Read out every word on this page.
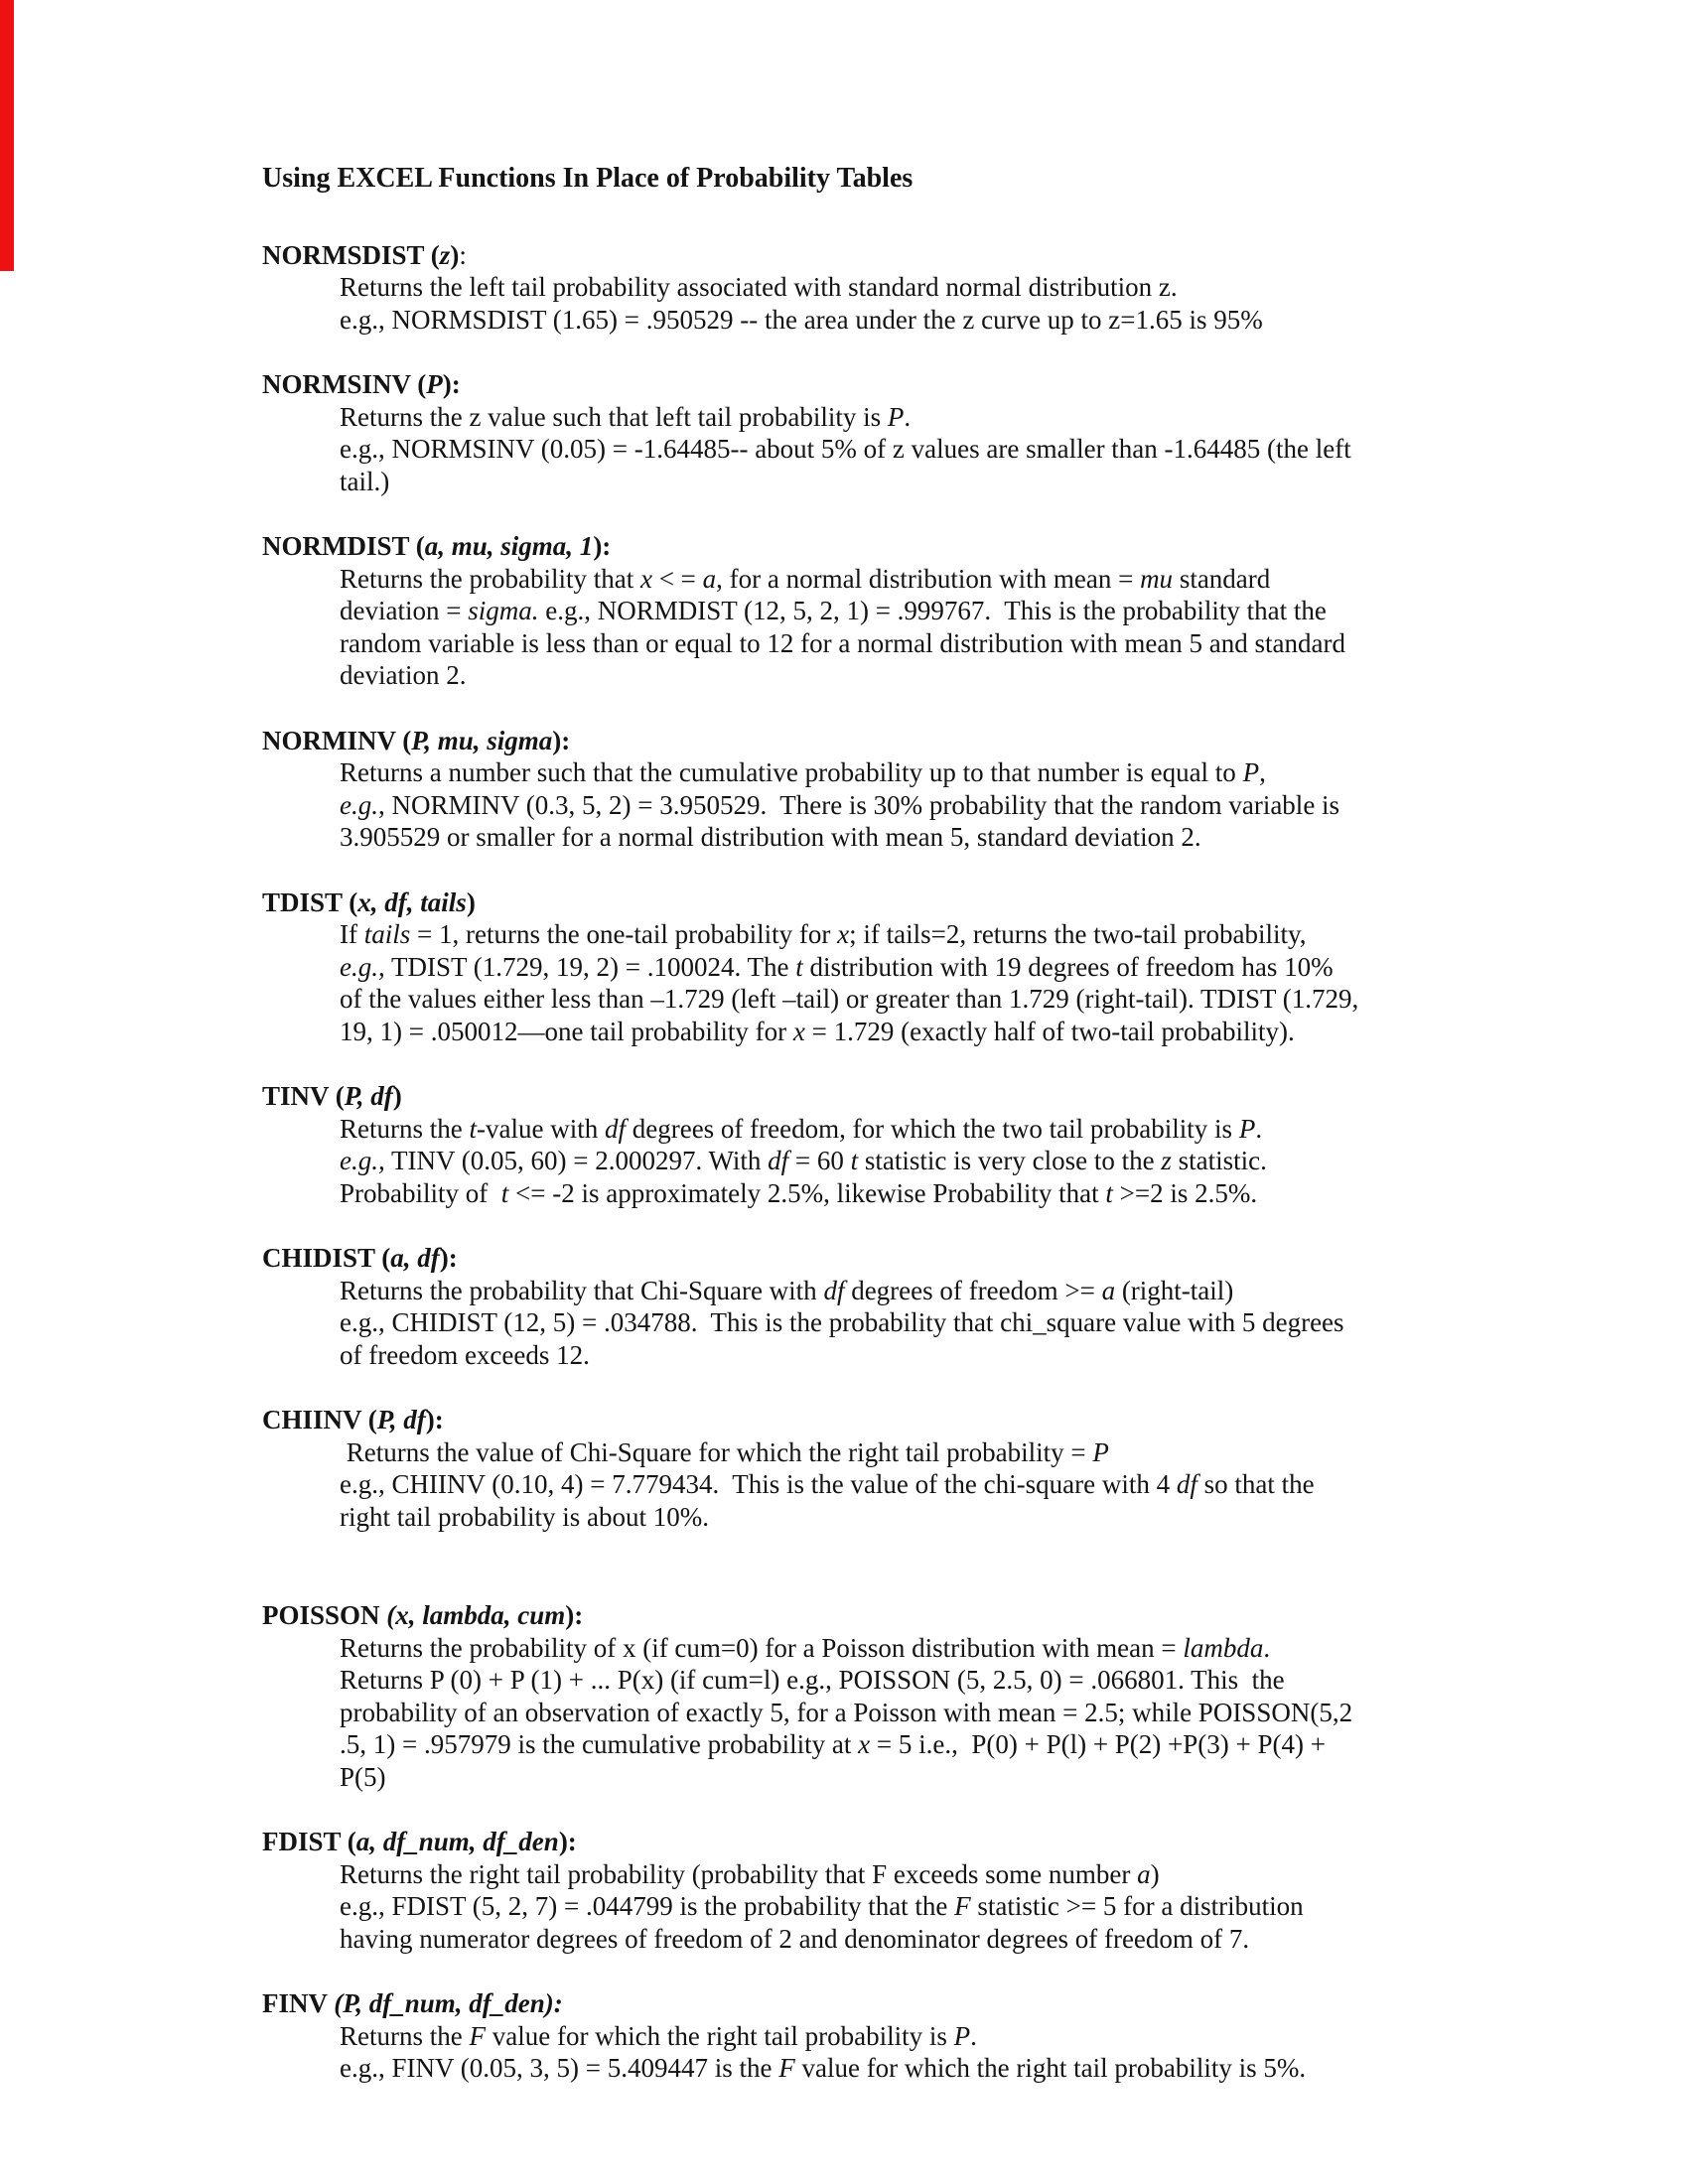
Using EXCEL Functions In Place of Probability Tables
NORMSDIST (z):
Returns the left tail probability associated with standard normal distribution z.
e.g., NORMSDIST (1.65) = .950529 -- the area under the z curve up to z=1.65 is 95%
NORMSINV (P):
Returns the z value such that left tail probability is P.
e.g., NORMSINV (0.05) = -1.64485-- about 5% of z values are smaller than -1.64485 (the left
tail.)
NORMDIST (a, mu, sigma, 1):
Returns the probability that x < = a, for a normal distribution with mean = mu standard
deviation = sigma. e.g., NORMDIST (12, 5, 2, 1) = .999767.  This is the probability that the
random variable is less than or equal to 12 for a normal distribution with mean 5 and standard
deviation 2.
NORMINV (P, mu, sigma):
Returns a number such that the cumulative probability up to that number is equal to P,
e.g., NORMINV (0.3, 5, 2) = 3.950529.  There is 30% probability that the random variable is
3.905529 or smaller for a normal distribution with mean 5, standard deviation 2.
TDIST (x, df, tails)
If tails = 1, returns the one-tail probability for x; if tails=2, returns the two-tail probability,
e.g., TDIST (1.729, 19, 2) = .100024. The t distribution with 19 degrees of freedom has 10%
of the values either less than –1.729 (left –tail) or greater than 1.729 (right-tail). TDIST (1.729,
19, 1) = .050012—one tail probability for x = 1.729 (exactly half of two-tail probability).
TINV (P, df)
Returns the t-value with df degrees of freedom, for which the two tail probability is P.
e.g., TINV (0.05, 60) = 2.000297. With df = 60 t statistic is very close to the z statistic.
Probability of  t <= -2 is approximately 2.5%, likewise Probability that t >=2 is 2.5%.
CHIDIST (a, df):
Returns the probability that Chi-Square with df degrees of freedom >= a (right-tail)
e.g., CHIDIST (12, 5) = .034788.  This is the probability that chi_square value with 5 degrees
of freedom exceeds 12.
CHIINV (P, df):
Returns the value of Chi-Square for which the right tail probability = P
e.g., CHIINV (0.10, 4) = 7.779434.  This is the value of the chi-square with 4 df so that the
right tail probability is about 10%.
POISSON (x, lambda, cum):
Returns the probability of x (if cum=0) for a Poisson distribution with mean = lambda.
Returns P (0) + P (1) + ... P(x) (if cum=l) e.g., POISSON (5, 2.5, 0) = .066801. This  the
probability of an observation of exactly 5, for a Poisson with mean = 2.5; while POISSON(5,2
.5, 1) = .957979 is the cumulative probability at x = 5 i.e.,  P(0) + P(l) + P(2) +P(3) + P(4) +
P(5)
FDIST (a, df_num, df_den):
Returns the right tail probability (probability that F exceeds some number a)
e.g., FDIST (5, 2, 7) = .044799 is the probability that the F statistic >= 5 for a distribution
having numerator degrees of freedom of 2 and denominator degrees of freedom of 7.
FINV (P, df_num, df_den):
Returns the F value for which the right tail probability is P.
e.g., FINV (0.05, 3, 5) = 5.409447 is the F value for which the right tail probability is 5%.
